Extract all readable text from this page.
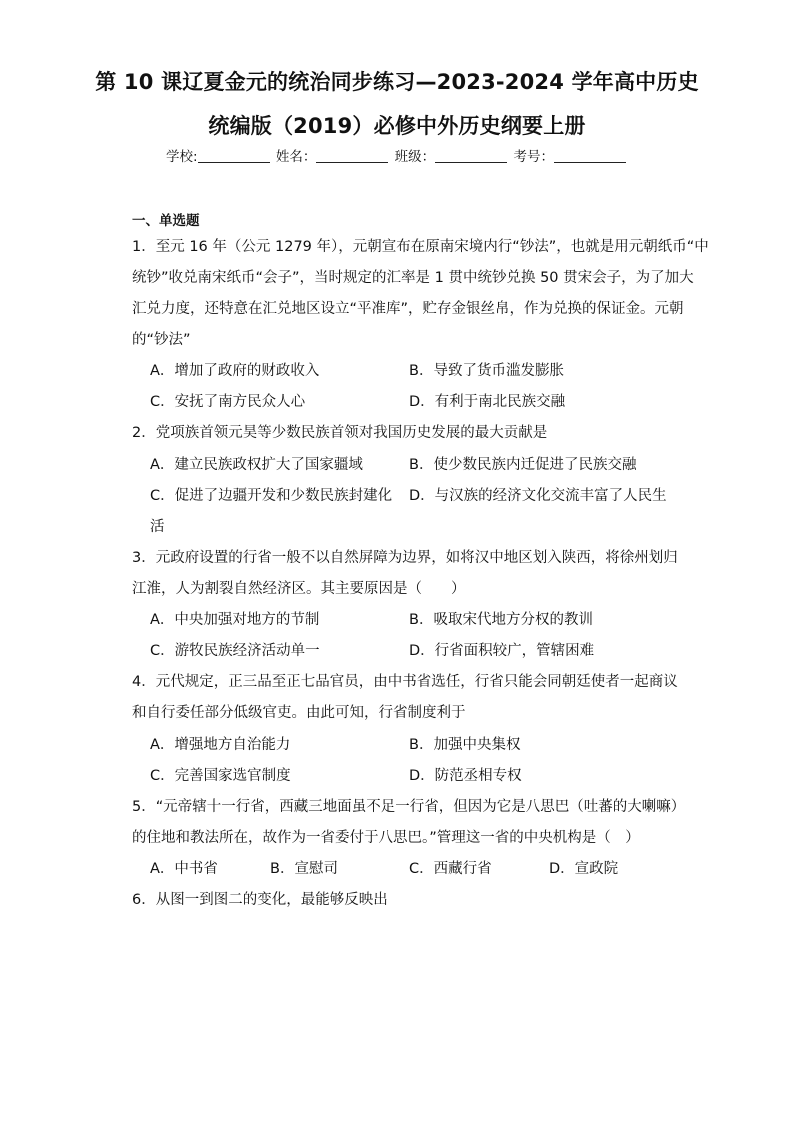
第 10 课辽夏金元的统治同步练习—2023-2024 学年高中历史
统编版（2019）必修中外历史纲要上册
学校:	姓名：	班级：	考号：
一、单选题
1．至元 16 年（公元 1279 年），元朝宣布在原南宋境内行“钞法”，也就是用元朝纸币“中
统钞”收兑南宋纸币“会子”，当时规定的汇率是 1 贯中统钞兑换 50 贯宋会子，为了加大
汇兑力度，还特意在汇兑地区设立“平准库”，贮存金银丝帛，作为兑换的保证金。元朝
的“钞法”
A．增加了政府的财政收入	B．导致了货币滥发膨胀
C．安抚了南方民众人心	D．有利于南北民族交融
2．党项族首领元昊等少数民族首领对我国历史发展的最大贡献是
A．建立民族政权扩大了国家疆域	B．使少数民族内迁促进了民族交融
C．促进了边疆开发和少数民族封建化 D．与汉族的经济文化交流丰富了人民生
活
3．元政府设置的行省一般不以自然屏障为边界，如将汉中地区划入陕西，将徐州划归
江淮，人为割裂自然经济区。其主要原因是（　　）
A．中央加强对地方的节制	B．吸取宋代地方分权的教训
C．游牧民族经济活动单一	D．行省面积较广，管辖困难
4．元代规定，正三品至正七品官员，由中书省选任，行省只能会同朝廷使者一起商议
和自行委任部分低级官吏。由此可知，行省制度利于
A．增强地方自治能力	B．加强中央集权
C．完善国家选官制度	D．防范丞相专权
5．“元帝辖十一行省，西藏三地面虽不足一行省，但因为它是八思巴（吐蕃的大喇嘛）
的住地和教法所在，故作为一省委付于八思巴。”管理这一省的中央机构是（　）
A．中书省	B．宣慰司	C．西藏行省	D．宣政院
6．从图一到图二的变化，最能够反映出
